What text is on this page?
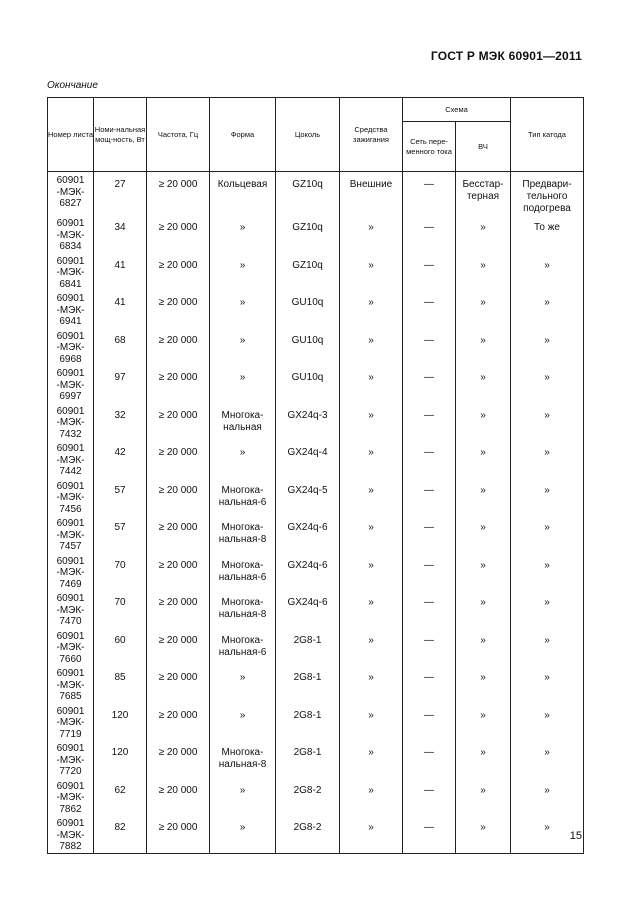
ГОСТ Р МЭК 60901—2011
Окончание
Номер листа	Номи-нальная мощ-ность, Вт	Частота, Гц	Форма	Цоколь	Средства зажигания	Схема		Тип катода
						Сеть пере-менного тока	ВЧ	
60901 -МЭК- 6827	27	≥ 20 000	Кольцевая	GZ10q	Внешние	—	Бесстар-терная	Предвари-тельного подогрева
60901 -МЭК- 6834	34	≥ 20 000	»	GZ10q	»	—	»	То же
60901 -МЭК- 6841	41	≥ 20 000	»	GZ10q	»	—	»	»
60901 -МЭК- 6941	41	≥ 20 000	»	GU10q	»	—	»	»
60901 -МЭК- 6968	68	≥ 20 000	»	GU10q	»	—	»	»
60901 -МЭК- 6997	97	≥ 20 000	»	GU10q	»	—	»	»
60901 -МЭК- 7432	32	≥ 20 000	Многока-нальная	GX24q-3	»	—	»	»
60901 -МЭК- 7442	42	≥ 20 000	»	GX24q-4	»	—	»	»
60901 -МЭК- 7456	57	≥ 20 000	Многока-нальная-6	GX24q-5	»	—	»	»
60901 -МЭК- 7457	57	≥ 20 000	Многока-нальная-8	GX24q-6	»	—	»	»
60901 -МЭК- 7469	70	≥ 20 000	Многока-нальная-6	GX24q-6	»	—	»	»
60901 -МЭК- 7470	70	≥ 20 000	Многока-нальная-8	GX24q-6	»	—	»	»
60901 -МЭК- 7660	60	≥ 20 000	Многока-нальная-6	2G8-1	»	—	»	»
60901 -МЭК- 7685	85	≥ 20 000	»	2G8-1	»	—	»	»
60901 -МЭК- 7719	120	≥ 20 000	»	2G8-1	»	—	»	»
60901 -МЭК- 7720	120	≥ 20 000	Многока-нальная-8	2G8-1	»	—	»	»
60901 -МЭК- 7862	62	≥ 20 000	»	2G8-2	»	—	»	»
60901 -МЭК- 7882	82	≥ 20 000	»	2G8-2	»	—	»	»
15
